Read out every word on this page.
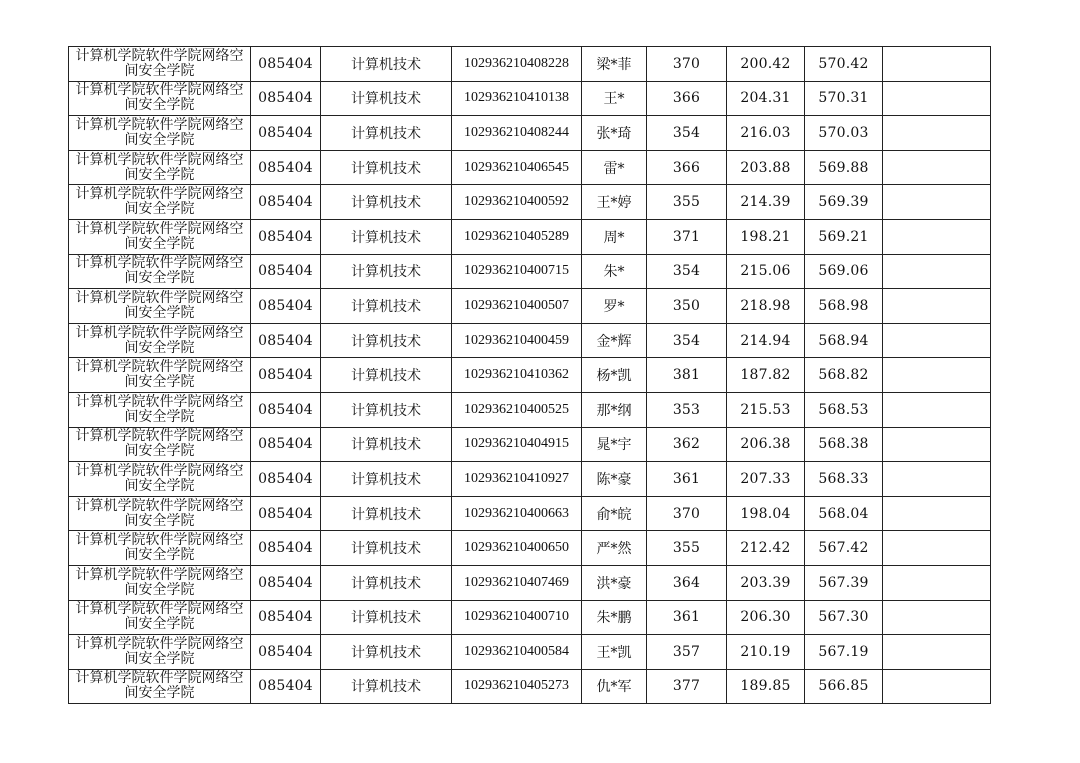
计算机学院软件学院网络空间安全学院	085404	计算机技术	102936210408228	梁*菲	370	200.42	570.42	
计算机学院软件学院网络空间安全学院	085404	计算机技术	102936210410138	王*	366	204.31	570.31	
计算机学院软件学院网络空间安全学院	085404	计算机技术	102936210408244	张*琦	354	216.03	570.03	
计算机学院软件学院网络空间安全学院	085404	计算机技术	102936210406545	雷*	366	203.88	569.88	
计算机学院软件学院网络空间安全学院	085404	计算机技术	102936210400592	王*婷	355	214.39	569.39	
计算机学院软件学院网络空间安全学院	085404	计算机技术	102936210405289	周*	371	198.21	569.21	
计算机学院软件学院网络空间安全学院	085404	计算机技术	102936210400715	朱*	354	215.06	569.06	
计算机学院软件学院网络空间安全学院	085404	计算机技术	102936210400507	罗*	350	218.98	568.98	
计算机学院软件学院网络空间安全学院	085404	计算机技术	102936210400459	金*辉	354	214.94	568.94	
计算机学院软件学院网络空间安全学院	085404	计算机技术	102936210410362	杨*凯	381	187.82	568.82	
计算机学院软件学院网络空间安全学院	085404	计算机技术	102936210400525	那*纲	353	215.53	568.53	
计算机学院软件学院网络空间安全学院	085404	计算机技术	102936210404915	晁*宇	362	206.38	568.38	
计算机学院软件学院网络空间安全学院	085404	计算机技术	102936210410927	陈*豪	361	207.33	568.33	
计算机学院软件学院网络空间安全学院	085404	计算机技术	102936210400663	俞*皖	370	198.04	568.04	
计算机学院软件学院网络空间安全学院	085404	计算机技术	102936210400650	严*然	355	212.42	567.42	
计算机学院软件学院网络空间安全学院	085404	计算机技术	102936210407469	洪*豪	364	203.39	567.39	
计算机学院软件学院网络空间安全学院	085404	计算机技术	102936210400710	朱*鹏	361	206.30	567.30	
计算机学院软件学院网络空间安全学院	085404	计算机技术	102936210400584	王*凯	357	210.19	567.19	
计算机学院软件学院网络空间安全学院	085404	计算机技术	102936210405273	仇*军	377	189.85	566.85	
